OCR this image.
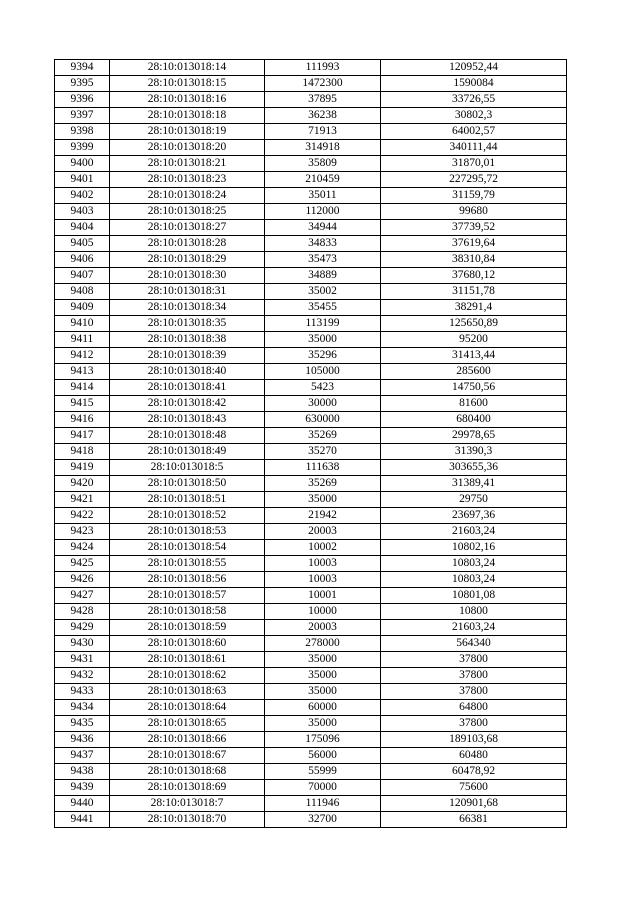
9394	28:10:013018:14	111993	120952,44
9395	28:10:013018:15	1472300	1590084
9396	28:10:013018:16	37895	33726,55
9397	28:10:013018:18	36238	30802,3
9398	28:10:013018:19	71913	64002,57
9399	28:10:013018:20	314918	340111,44
9400	28:10:013018:21	35809	31870,01
9401	28:10:013018:23	210459	227295,72
9402	28:10:013018:24	35011	31159,79
9403	28:10:013018:25	112000	99680
9404	28:10:013018:27	34944	37739,52
9405	28:10:013018:28	34833	37619,64
9406	28:10:013018:29	35473	38310,84
9407	28:10:013018:30	34889	37680,12
9408	28:10:013018:31	35002	31151,78
9409	28:10:013018:34	35455	38291,4
9410	28:10:013018:35	113199	125650,89
9411	28:10:013018:38	35000	95200
9412	28:10:013018:39	35296	31413,44
9413	28:10:013018:40	105000	285600
9414	28:10:013018:41	5423	14750,56
9415	28:10:013018:42	30000	81600
9416	28:10:013018:43	630000	680400
9417	28:10:013018:48	35269	29978,65
9418	28:10:013018:49	35270	31390,3
9419	28:10:013018:5	111638	303655,36
9420	28:10:013018:50	35269	31389,41
9421	28:10:013018:51	35000	29750
9422	28:10:013018:52	21942	23697,36
9423	28:10:013018:53	20003	21603,24
9424	28:10:013018:54	10002	10802,16
9425	28:10:013018:55	10003	10803,24
9426	28:10:013018:56	10003	10803,24
9427	28:10:013018:57	10001	10801,08
9428	28:10:013018:58	10000	10800
9429	28:10:013018:59	20003	21603,24
9430	28:10:013018:60	278000	564340
9431	28:10:013018:61	35000	37800
9432	28:10:013018:62	35000	37800
9433	28:10:013018:63	35000	37800
9434	28:10:013018:64	60000	64800
9435	28:10:013018:65	35000	37800
9436	28:10:013018:66	175096	189103,68
9437	28:10:013018:67	56000	60480
9438	28:10:013018:68	55999	60478,92
9439	28:10:013018:69	70000	75600
9440	28:10:013018:7	111946	120901,68
9441	28:10:013018:70	32700	66381
